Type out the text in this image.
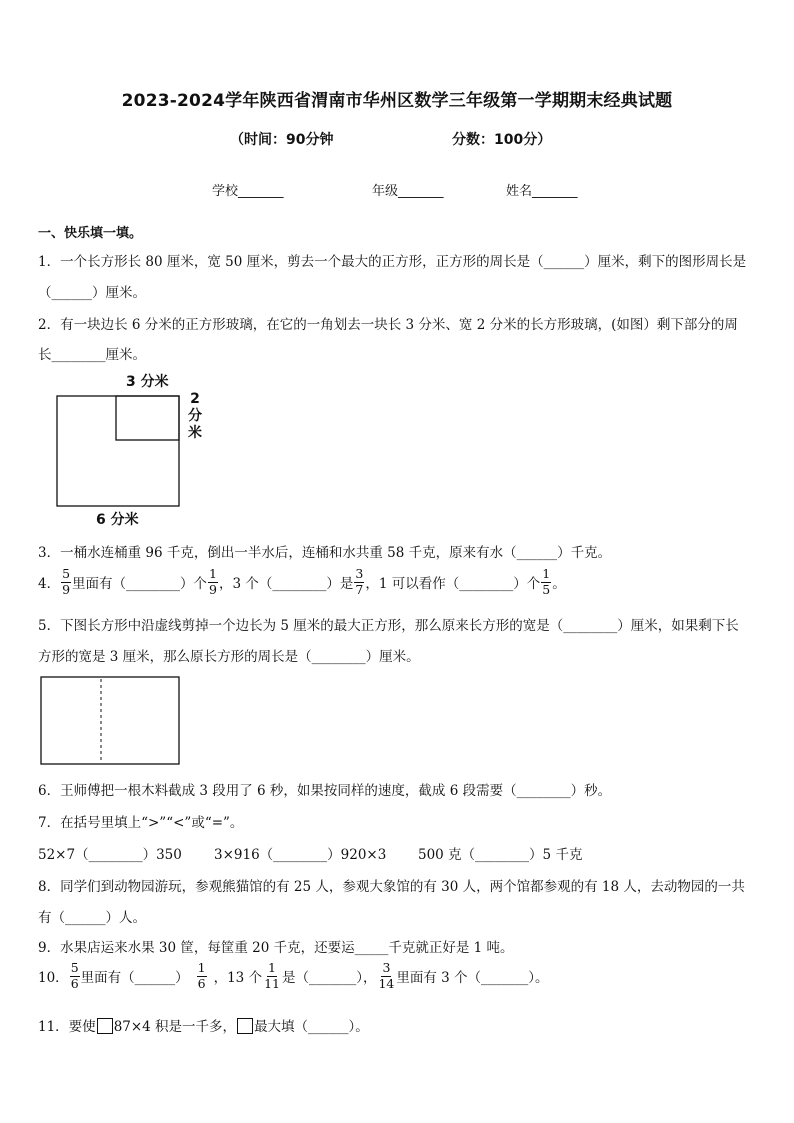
2023-2024学年陕西省渭南市华州区数学三年级第一学期期末经典试题
（时间：90分钟	分数：100分）
学校_______	年级_______	姓名_______
一、快乐填一填。
1．一个长方形长 80 厘米，宽 50 厘米，剪去一个最大的正方形，正方形的周长是（______）厘米，剩下的图形周长是
（______）厘米。
2．有一块边长 6 分米的正方形玻璃，在它的一角划去一块长 3 分米、宽 2 分米的长方形玻璃，(如图）剩下部分的周
长________厘米。
3 分米
2
分
米
6 分米
3．一桶水连桶重 96 千克，倒出一半水后，连桶和水共重 58 千克，原来有水（______）千克。
4． $\frac{5}{9}$ 里面有（________）个 $\frac{1}{9}$ ，3 个（________）是 $\frac{3}{7}$ ，1 可以看作（________）个 $\frac{1}{5}$ 。
5．下图长方形中沿虚线剪掉一个边长为 5 厘米的最大正方形，那么原来长方形的宽是（________）厘米，如果剩下长
方形的宽是 3 厘米，那么原长方形的周长是（________）厘米。
6．王师傅把一根木料截成 3 段用了 6 秒，如果按同样的速度，截成 6 段需要（________）秒。
7．在括号里填上“>”“<”或“=”。
52×7（________）350 3×916（________）920×3 500 克（________）5 千克
8．同学们到动物园游玩，参观熊猫馆的有 25 人，参观大象馆的有 30 人，两个馆都参观的有 18 人，去动物园的一共
有（______）人。
9．水果店运来水果 30 筐，每筐重 20 千克，还要运_____千克就正好是 1 吨。
10． $\frac{5}{6}$ 里面有（______） $\frac{1}{6}$ ，13 个 $\frac{1}{11}$ 是（_______）， $\frac{3}{14}$ 里面有 3 个（_______）。
11．要使 87×4 积是一千多， 最大填（______）。
